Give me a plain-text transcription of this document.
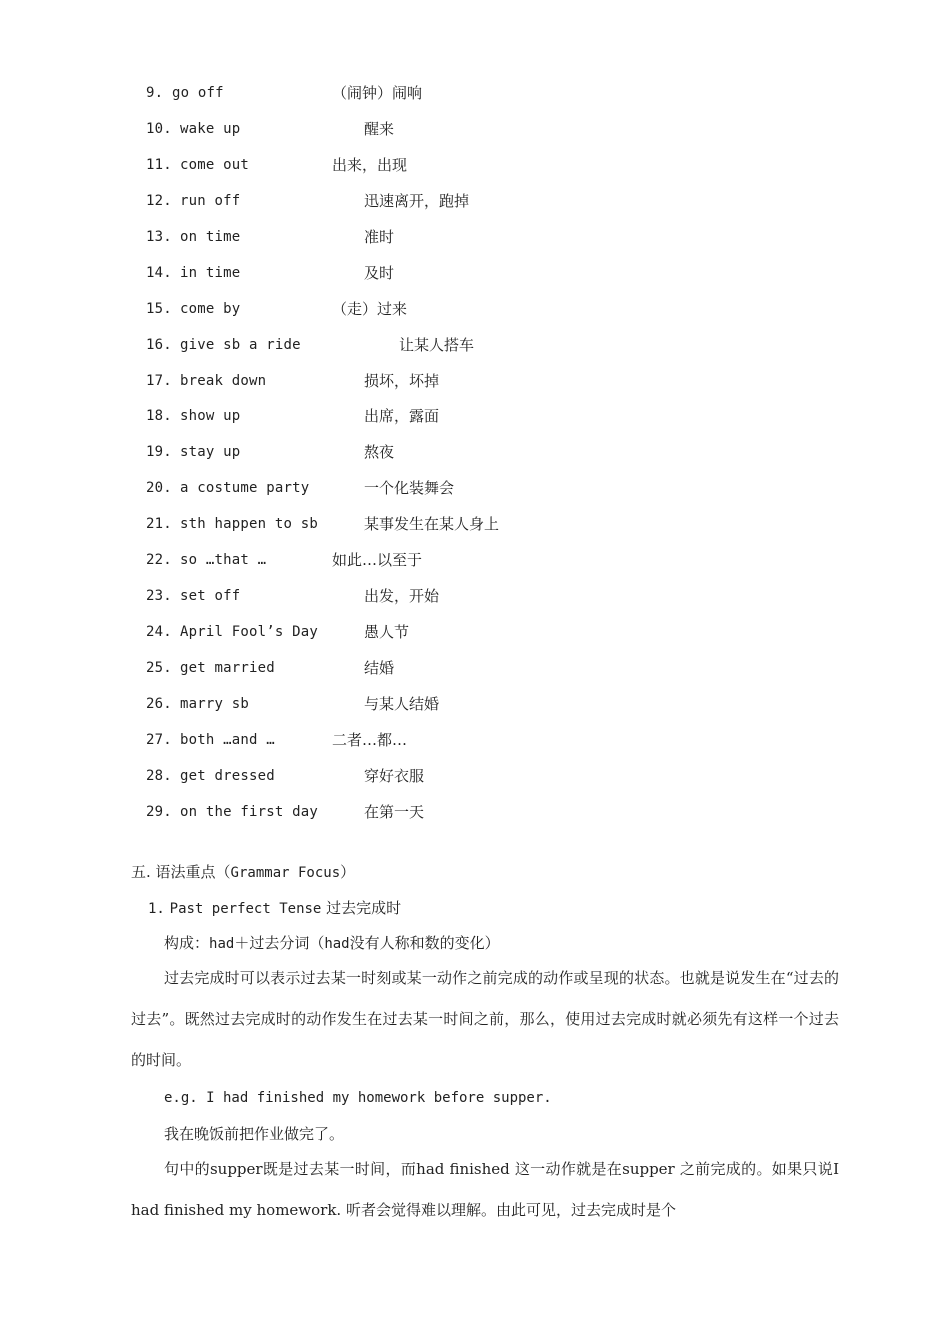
9. go off	（闹钟）闹响
10. wake up	醒来
11. come out	出来，出现
12. run off	迅速离开，跑掉
13. on time	准时
14. in time	及时
15. come by	（走）过来
16. give sb a ride	让某人搭车
17. break down	损坏，坏掉
18. show up	出席，露面
19. stay up	熬夜
20. a costume party	一个化装舞会
21. sth happen to sb	某事发生在某人身上
22. so …that …	如此…以至于
23. set off	出发，开始
24. April Fool’s Day	愚人节
25. get married	结婚
26. marry sb	与某人结婚
27. both …and …	二者…都…
28. get dressed	穿好衣服
29. on the first day	在第一天
五. 语法重点（Grammar Focus）
1. Past perfect Tense 过去完成时
构成：had＋过去分词（had没有人称和数的变化）

过去完成时可以表示过去某一时刻或某一动作之前完成的动作或呈现的状态。也就是说发生在“过去的过去”。既然过去完成时的动作发生在过去某一时间之前，那么，使用过去完成时就必须先有这样一个过去的时间。

e.g. I had finished my homework before supper.
我在晚饭前把作业做完了。

句中的supper既是过去某一时间，而had finished 这一动作就是在supper 之前完成的。如果只说I had finished my homework. 听者会觉得难以理解。由此可见，过去完成时是个
